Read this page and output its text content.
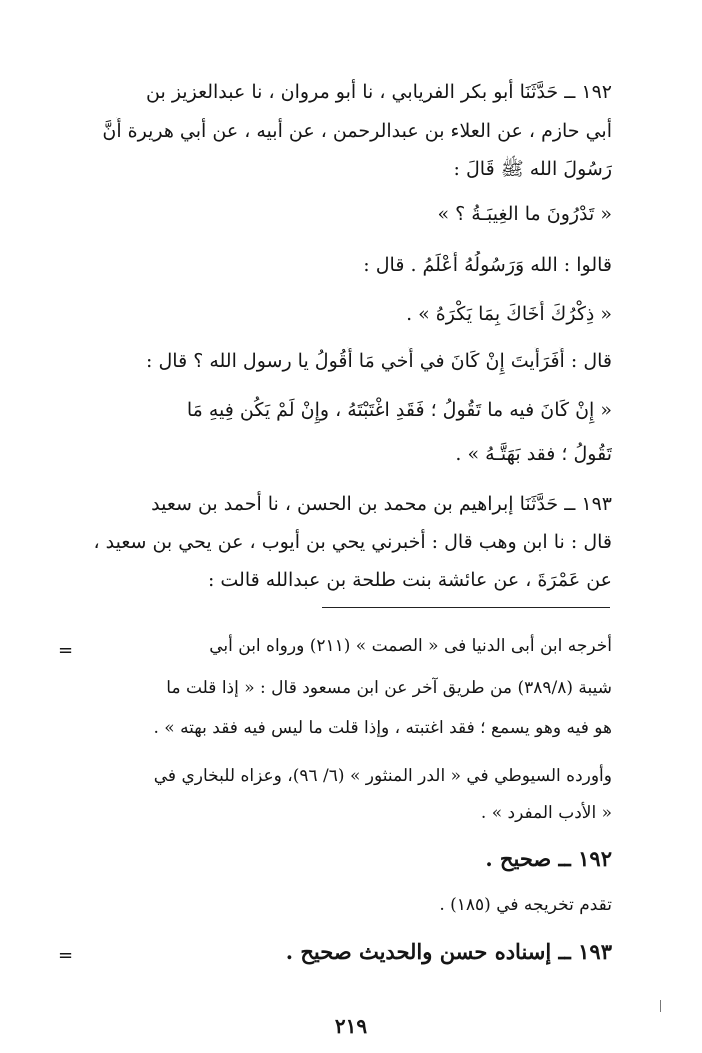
١٩٢ ــ حَدَّثَنَا أبو بكر الفريابي ، نا أبو مروان ، نا عبدالعزيز بن
أبي حازم ، عن العلاء بن عبدالرحمن ، عن أبيه ، عن أبي هريرة أَنَّ
رَسُولَ الله ﷺ قَالَ :
« تَدْرُونَ ما الغِيبَـةُ ؟ »
قالوا : الله وَرَسُولُهُ أَعْلَمُ . قال :
« ذِكْرُكَ أَخَاكَ بِمَا يَكْرَهُ » .
قال : أَفَرَأَيتَ إِنْ كَانَ في أَخي مَا أَقُولُ يا رسول الله ؟ قال :
« إِنْ كَانَ فيه ما تَقُولُ ؛ فَقَدِ اغْتَبْتَهُ ، وإِنْ لَمْ يَكُن فِيهِ مَا
تَقُولُ ؛ فقد بَهَتَّـهُ » .
١٩٣ ــ حَدَّثَنَا إبراهيم بن محمد بن الحسن ، نا أحمد بن سعيد
قال : نا ابن وهب قال : أخبرني يحي بن أيوب ، عن يحي بن سعيد ،
عن عَمْرَةَ ، عن عائشة بنت طلحة بن عبدالله قالت :
=	أخرجه ابن أبى الدنيا فى « الصمت » (٢١١) ورواه ابن أبي
شيبة (٣٨٩/٨) من طريق آخر عن ابن مسعود قال : « إذا قلت ما
هو فيه وهو يسمع ؛ فقد اغتبته ، وإذا قلت ما ليس فيه فقد بهته » .
وأورده السيوطي في « الدر المنثور » (٦/ ٩٦)، وعزاه للبخاري في
« الأدب المفرد » .
١٩٢ ــ صحيح .
تقدم تخريجه في (١٨٥) .
١٩٣ ــ إسناده حسن والحديث صحيح .
=
٢١٩
